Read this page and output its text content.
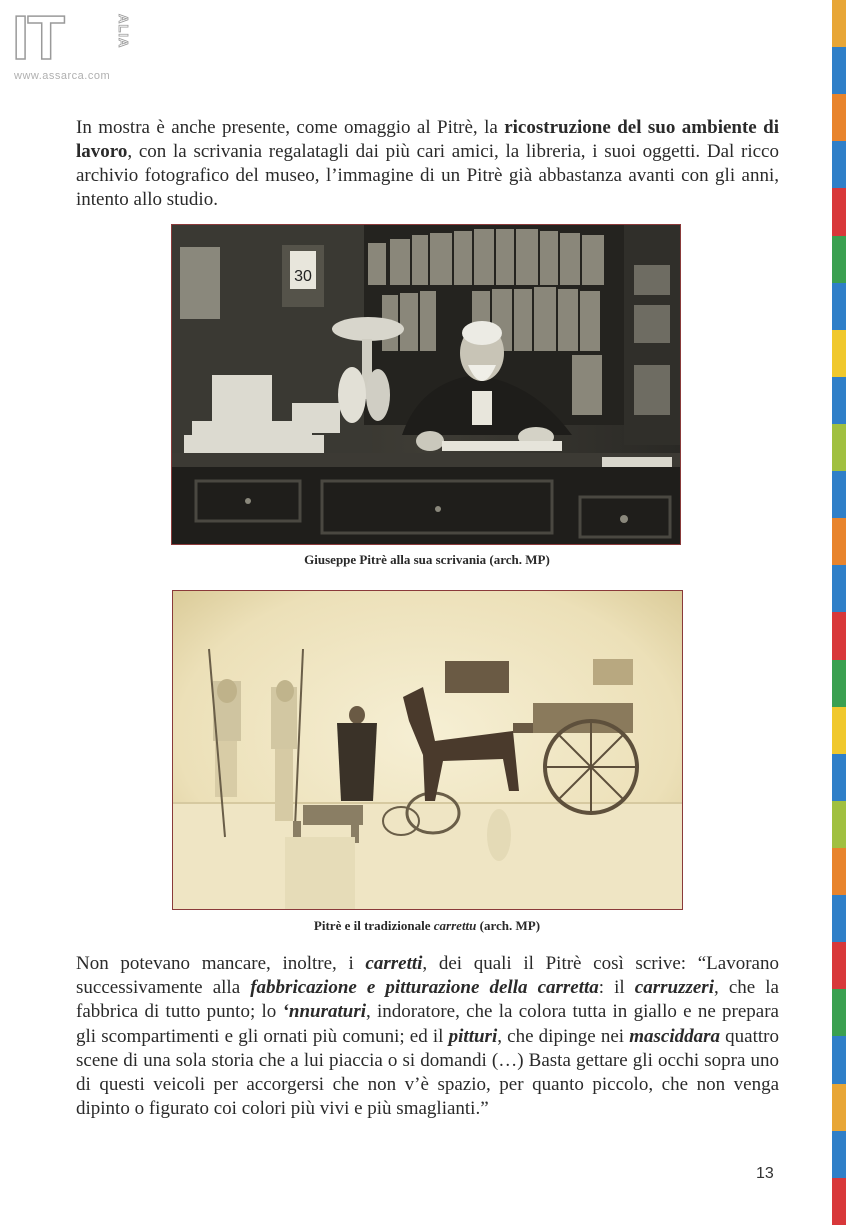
IT	ALIA
www.assarca.com

In mostra è anche presente, come omaggio al Pitrè, la ricostruzione del suo ambiente di lavoro, con la scrivania regalatagli dai più cari amici, la libreria, i suoi oggetti. Dal ricco archivio fotografico del museo, l’immagine di un Pitrè già abbastanza avanti con gli anni, intento allo studio.

30
Giuseppe Pitrè alla sua scrivania (arch. MP)
Pitrè e il tradizionale carrettu (arch. MP)

Non potevano mancare, inoltre, i carretti, dei quali il Pitrè così scrive: “Lavorano successivamente alla fabbricazione e pitturazione della carretta: il carruzzeri, che la fabbrica di tutto punto; lo ‘nnuraturi, indoratore, che la colora tutta in giallo e ne prepara gli scompartimenti e gli ornati più comuni; ed il pitturi, che dipinge nei masciddara quattro scene di una sola storia che a lui piaccia o si domandi (…) Basta gettare gli occhi sopra uno di questi veicoli per accorgersi che non v’è spazio, per quanto piccolo, che non venga dipinto o figurato coi colori più vivi e più smaglianti.”

13
